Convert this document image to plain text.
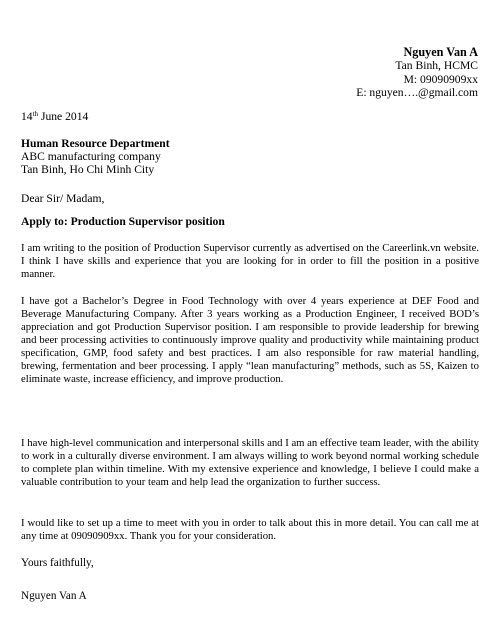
Nguyen Van A
Tan Binh, HCMC
M: 09090909xx
E: nguyen….@gmail.com
14th June 2014
Human Resource Department
ABC manufacturing company
Tan Binh, Ho Chi Minh City
Dear Sir/ Madam,
Apply to: Production Supervisor position

I am writing to the position of Production Supervisor currently as advertised on the Careerlink.vn website. I think I have skills and experience that you are looking for in order to fill the position in a positive manner.

I have got a Bachelor’s Degree in Food Technology with over 4 years experience at DEF Food and Beverage Manufacturing Company. After 3 years working as a Production Engineer, I received BOD’s appreciation and got Production Supervisor position. I am responsible to provide leadership for brewing and beer processing activities to continuously improve quality and productivity while maintaining product specification, GMP, food safety and best practices. I am also responsible for raw material handling, brewing, fermentation and beer processing. I apply “lean manufacturing” methods, such as 5S, Kaizen to eliminate waste, increase efficiency, and improve production.

I have high-level communication and interpersonal skills and I am an effective team leader, with the ability to work in a culturally diverse environment. I am always willing to work beyond normal working schedule to complete plan within timeline. With my extensive experience and knowledge, I believe I could make a valuable contribution to your team and help lead the organization to further success.

I would like to set up a time to meet with you in order to talk about this in more detail. You can call me at any time at 09090909xx. Thank you for your consideration.

Yours faithfully,
Nguyen Van A
